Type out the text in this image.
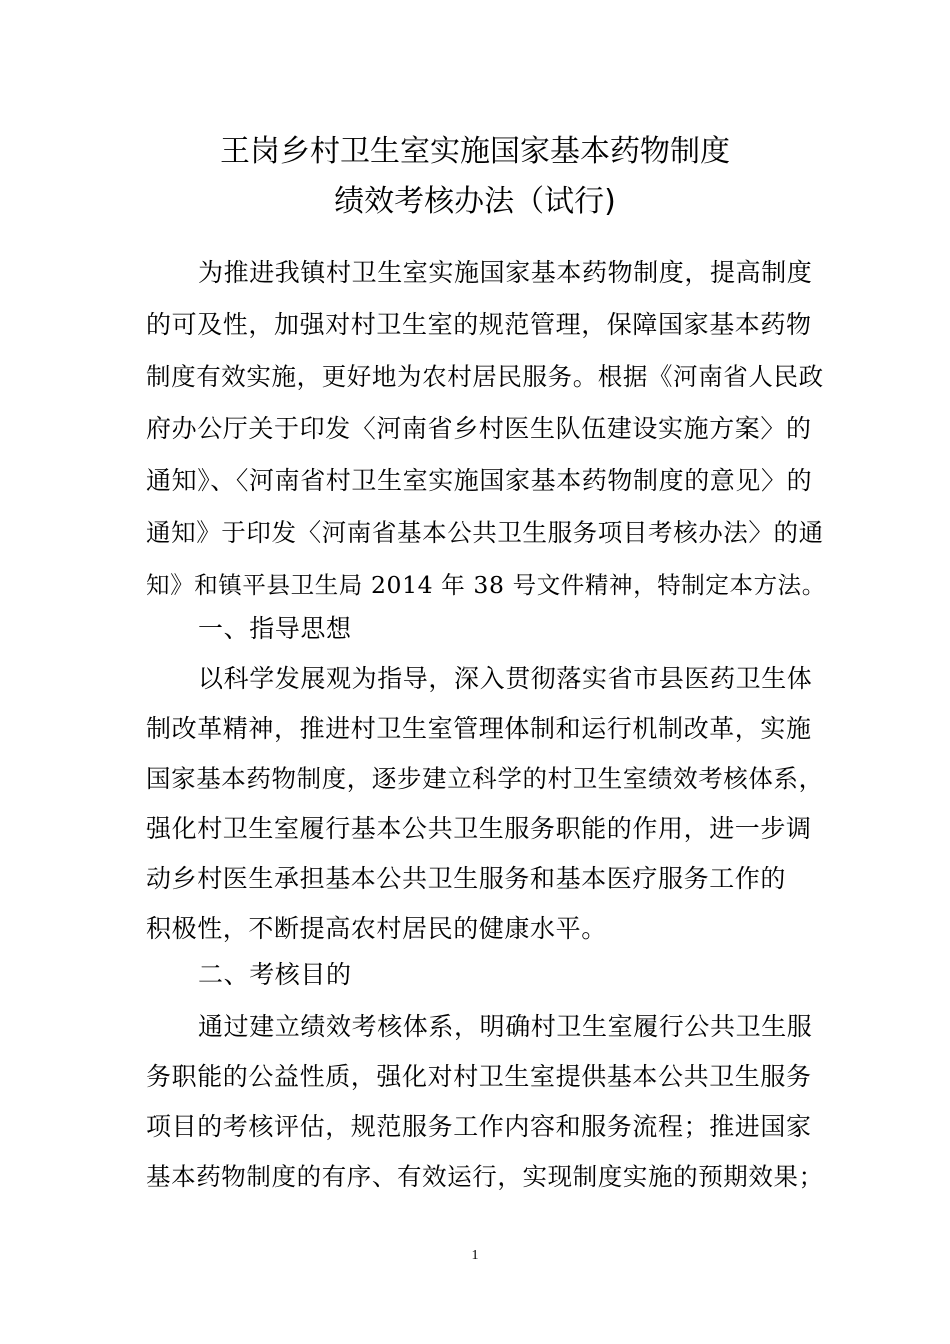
王岗乡村卫生室实施国家基本药物制度
绩效考核办法（试行)
为推进我镇村卫生室实施国家基本药物制度，提高制度
的可及性，加强对村卫生室的规范管理，保障国家基本药物
制度有效实施，更好地为农村居民服务。根据《河南省人民政
府办公厅关于印发〈河南省乡村医生队伍建设实施方案〉的
通知》、〈河南省村卫生室实施国家基本药物制度的意见〉的
通知》于印发〈河南省基本公共卫生服务项目考核办法〉的通
知》和镇平县卫生局 2014 年 38 号文件精神，特制定本方法。
一、指导思想
以科学发展观为指导，深入贯彻落实省市县医药卫生体
制改革精神，推进村卫生室管理体制和运行机制改革，实施
国家基本药物制度，逐步建立科学的村卫生室绩效考核体系，
强化村卫生室履行基本公共卫生服务职能的作用，进一步调
动乡村医生承担基本公共卫生服务和基本医疗服务工作的
积极性，不断提高农村居民的健康水平。
二、考核目的
通过建立绩效考核体系，明确村卫生室履行公共卫生服
务职能的公益性质，强化对村卫生室提供基本公共卫生服务
项目的考核评估，规范服务工作内容和服务流程；推进国家
基本药物制度的有序、有效运行，实现制度实施的预期效果；
1
